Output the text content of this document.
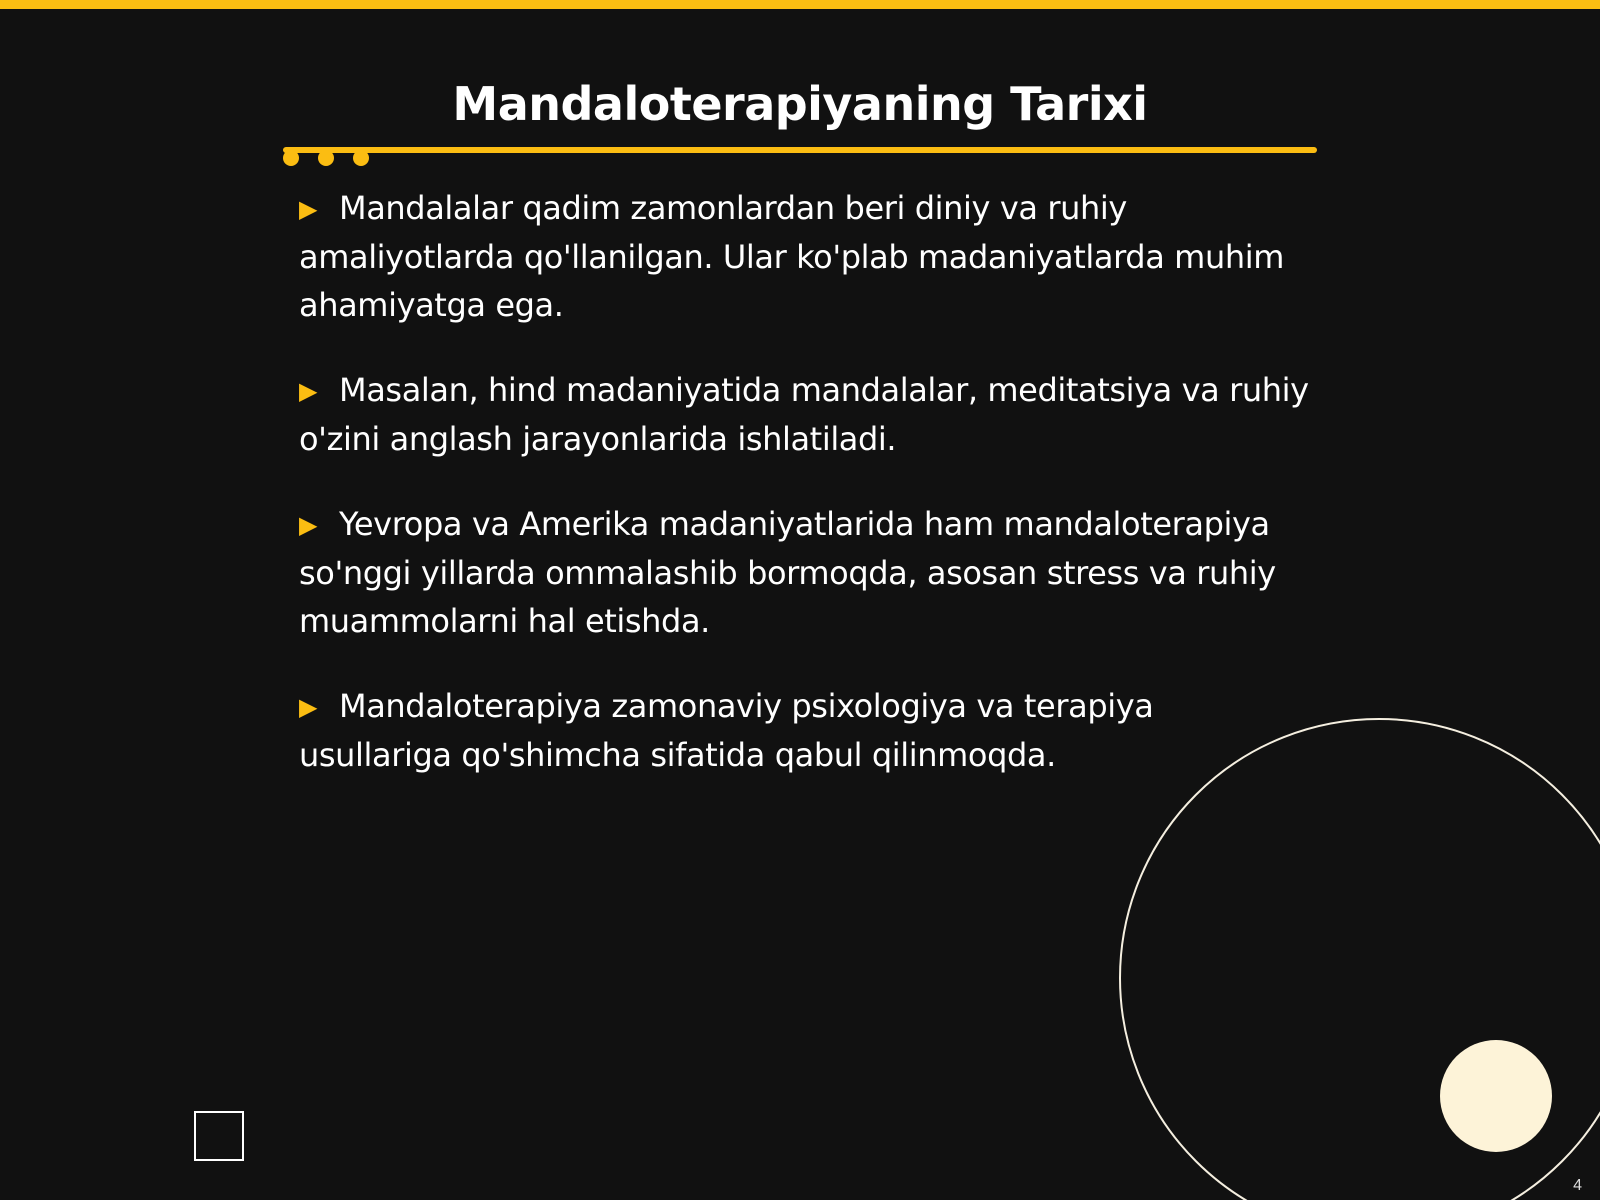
Mandaloterapiyaning Tarixi
▶ Mandalalar qadim zamonlardan beri diniy va ruhiy amaliyotlarda qo'llanilgan. Ular ko'plab madaniyatlarda muhim ahamiyatga ega.
▶ Masalan, hind madaniyatida mandalalar, meditatsiya va ruhiy o'zini anglash jarayonlarida ishlatiladi.
▶ Yevropa va Amerika madaniyatlarida ham mandaloterapiya so'nggi yillarda ommalashib bormoqda, asosan stress va ruhiy muammolarni hal etishda.
▶ Mandaloterapiya zamonaviy psixologiya va terapiya usullariga qo'shimcha sifatida qabul qilinmoqda.
4
